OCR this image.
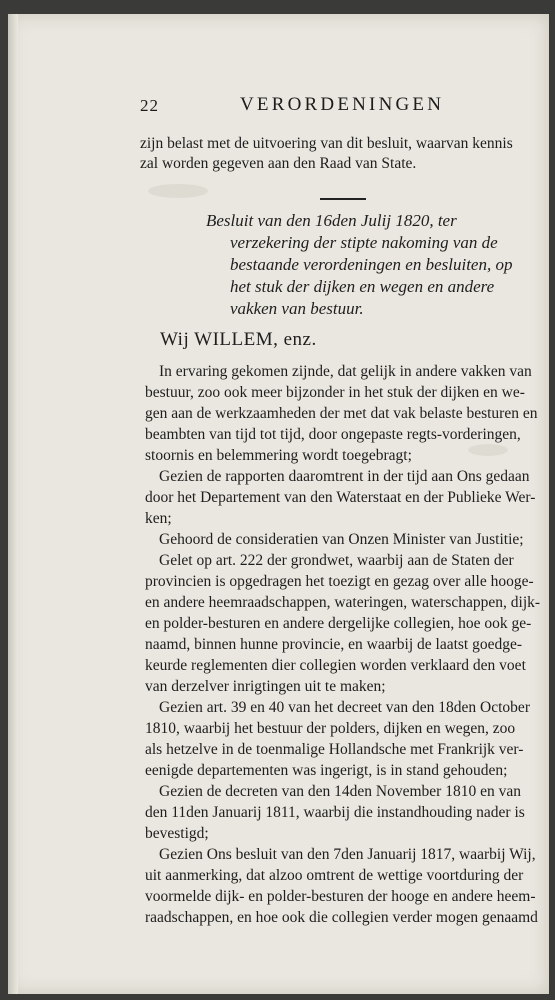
22	VERORDENINGEN
zijn belast met de uitvoering van dit besluit, waarvan kennis
zal worden gegeven aan den Raad van State.
Besluit van den 16den Julij 1820, ter
verzekering der stipte nakoming van de
bestaande verordeningen en besluiten, op
het stuk der dijken en wegen en andere
vakken van bestuur.
Wij WILLEM, enz.
In ervaring gekomen zijnde, dat gelijk in andere vakken van
bestuur, zoo ook meer bijzonder in het stuk der dijken en we-
gen aan de werkzaamheden der met dat vak belaste besturen en
beambten van tijd tot tijd, door ongepaste regts-vorderingen,
stoornis en belemmering wordt toegebragt;
Gezien de rapporten daaromtrent in der tijd aan Ons gedaan
door het Departement van den Waterstaat en der Publieke Wer-
ken;
Gehoord de consideratien van Onzen Minister van Justitie;
Gelet op art. 222 der grondwet, waarbij aan de Staten der
provincien is opgedragen het toezigt en gezag over alle hooge-
en andere heemraadschappen, wateringen, waterschappen, dijk-
en polder-besturen en andere dergelijke collegien, hoe ook ge-
naamd, binnen hunne provincie, en waarbij de laatst goedge-
keurde reglementen dier collegien worden verklaard den voet
van derzelver inrigtingen uit te maken;
Gezien art. 39 en 40 van het decreet van den 18den October
1810, waarbij het bestuur der polders, dijken en wegen, zoo
als hetzelve in de toenmalige Hollandsche met Frankrijk ver-
eenigde departementen was ingerigt, is in stand gehouden;
Gezien de decreten van den 14den November 1810 en van
den 11den Januarij 1811, waarbij die instandhouding nader is
bevestigd;
Gezien Ons besluit van den 7den Januarij 1817, waarbij Wij,
uit aanmerking, dat alzoo omtrent de wettige voortduring der
voormelde dijk- en polder-besturen der hooge en andere heem-
raadschappen, en hoe ook die collegien verder mogen genaamd
